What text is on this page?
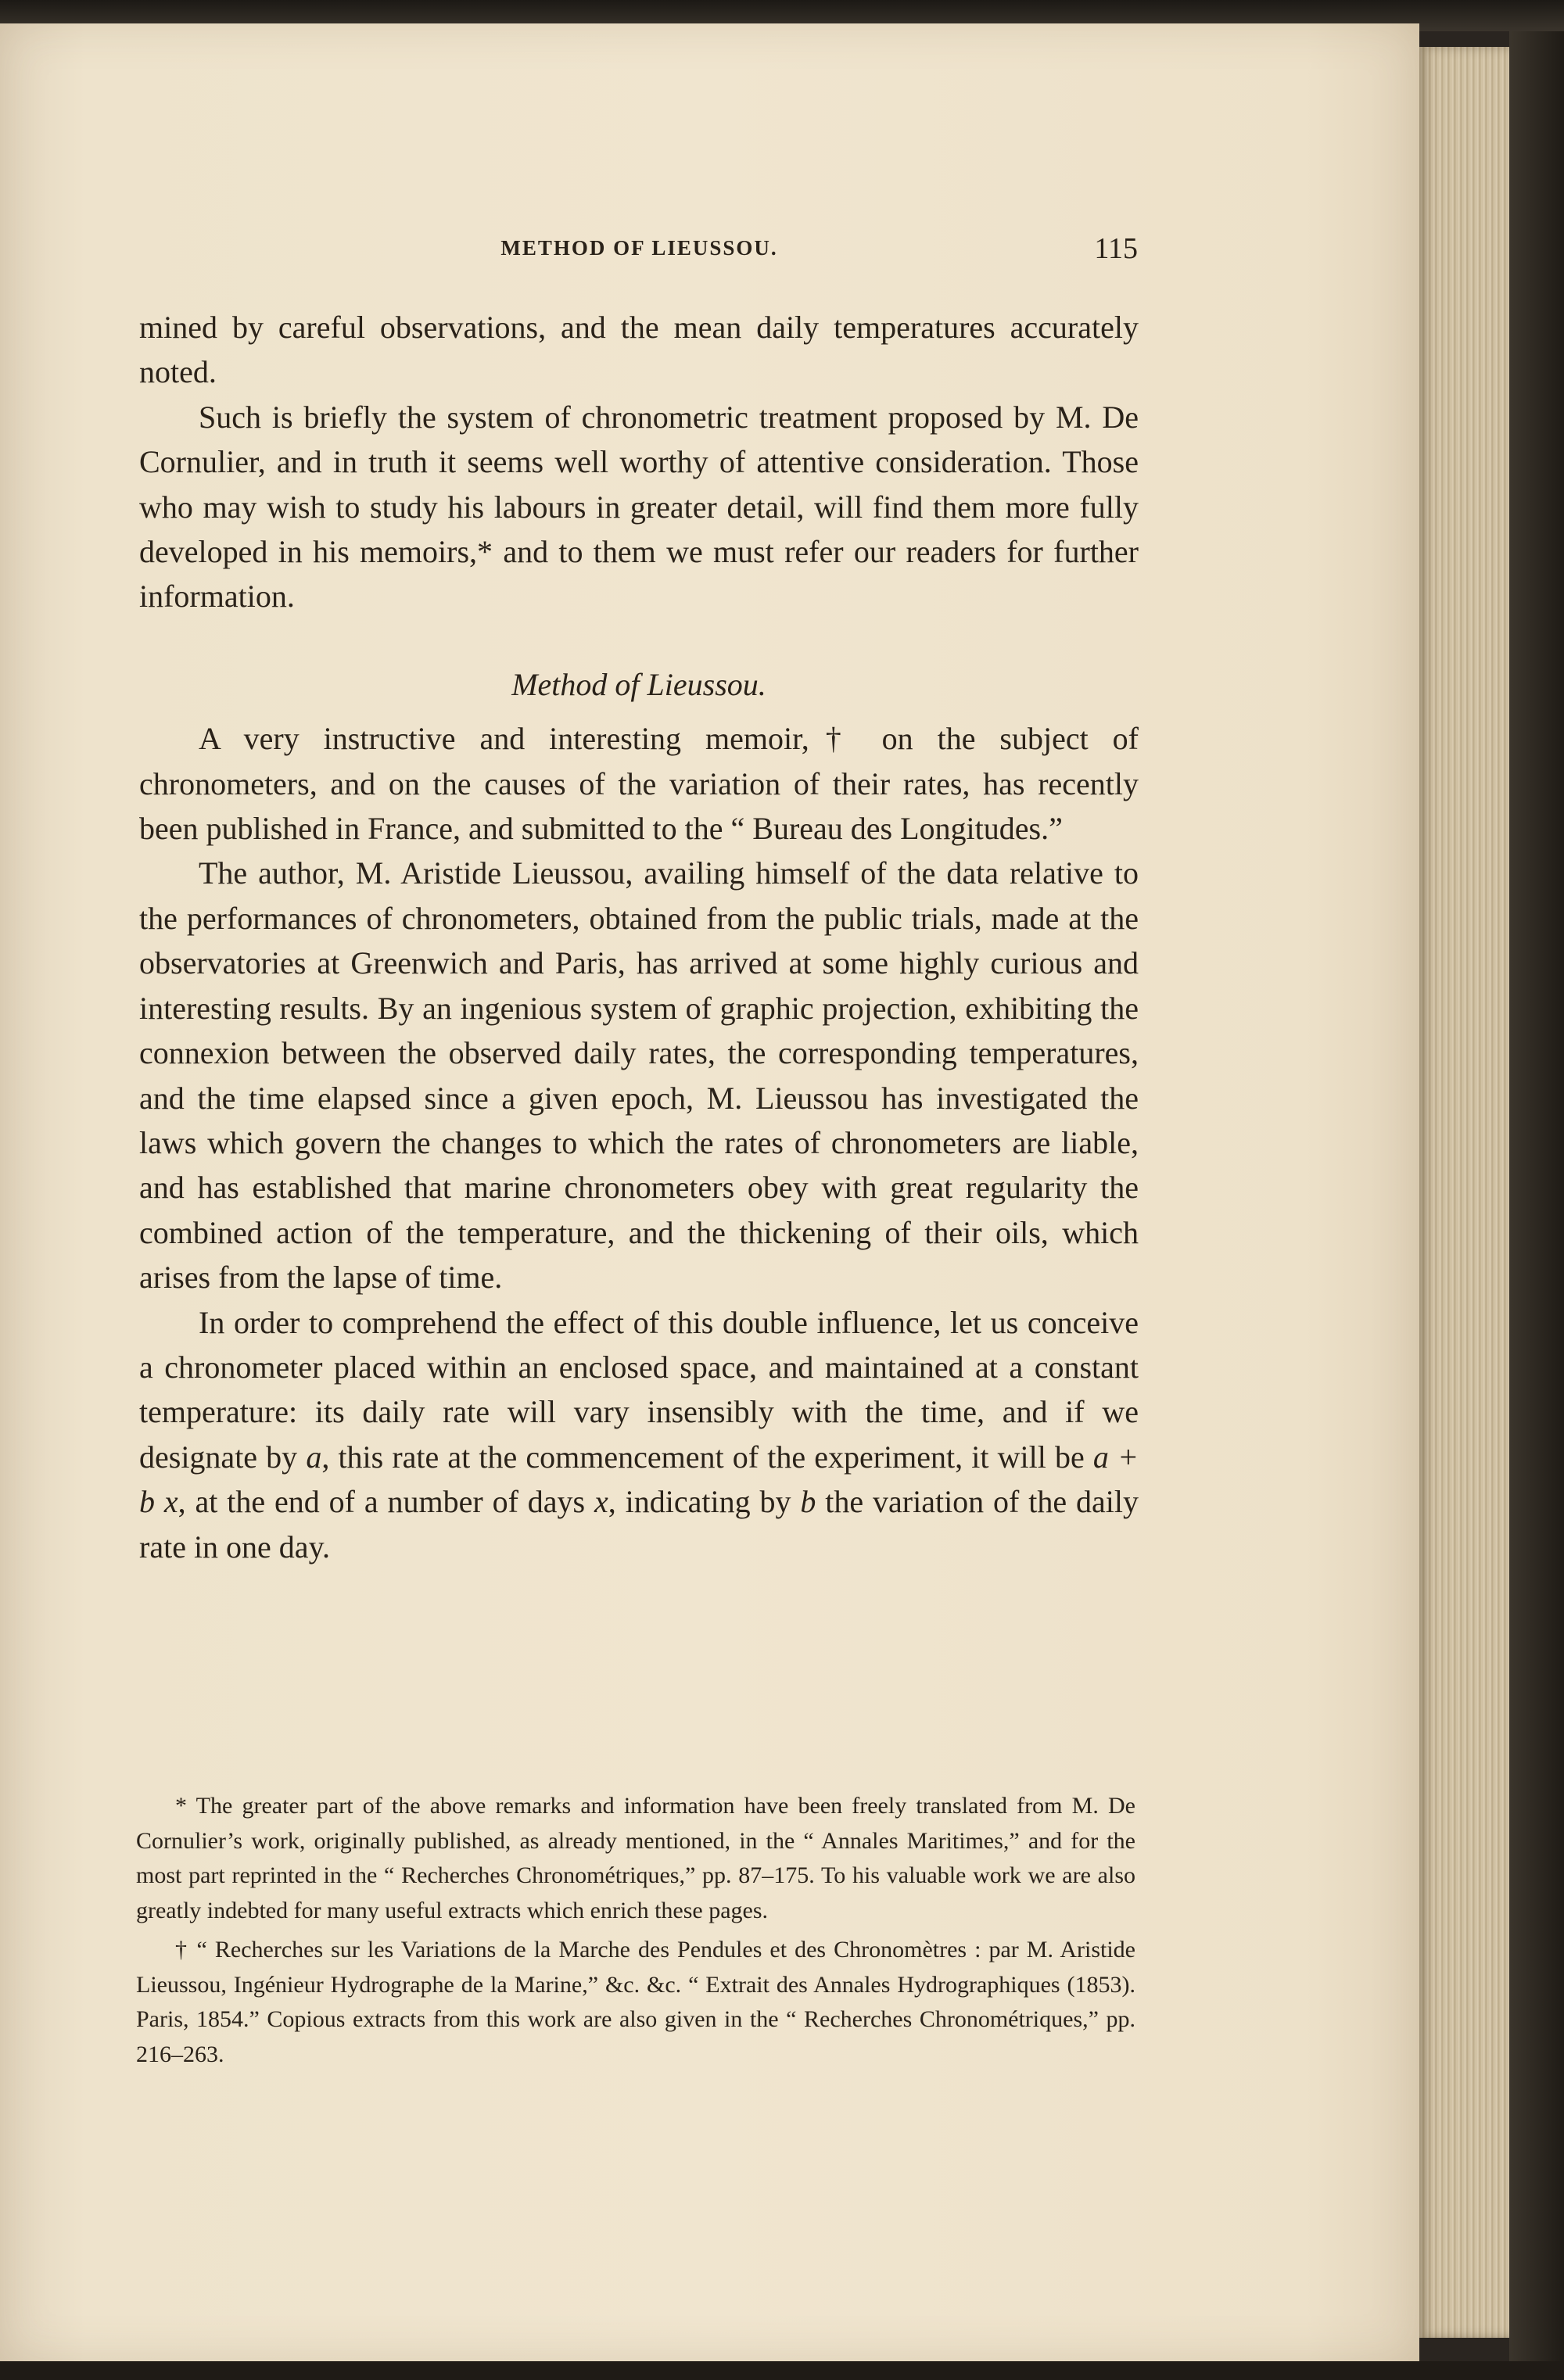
METHOD OF LIEUSSOU.	115

mined by careful observations, and the mean daily temperatures accurately noted.

Such is briefly the system of chronometric treatment proposed by M. De Cornulier, and in truth it seems well worthy of attentive consideration. Those who may wish to study his labours in greater detail, will find them more fully developed in his memoirs,* and to them we must refer our readers for further information.

Method of Lieussou.

A very instructive and interesting memoir,† on the subject of chronometers, and on the causes of the variation of their rates, has recently been published in France, and submitted to the “ Bureau des Longitudes.”

The author, M. Aristide Lieussou, availing himself of the data relative to the performances of chronometers, obtained from the public trials, made at the observatories at Greenwich and Paris, has arrived at some highly curious and interesting results. By an ingenious system of graphic projection, exhibiting the connexion between the observed daily rates, the corresponding temperatures, and the time elapsed since a given epoch, M. Lieussou has investigated the laws which govern the changes to which the rates of chronometers are liable, and has established that marine chronometers obey with great regularity the combined action of the temperature, and the thickening of their oils, which arises from the lapse of time.

In order to comprehend the effect of this double influence, let us conceive a chronometer placed within an enclosed space, and maintained at a constant temperature: its daily rate will vary insensibly with the time, and if we designate by a, this rate at the commencement of the experiment, it will be a + b x, at the end of a number of days x, indicating by b the variation of the daily rate in one day.

* The greater part of the above remarks and information have been freely translated from M. De Cornulier’s work, originally published, as already mentioned, in the “ Annales Maritimes,” and for the most part reprinted in the “ Recherches Chronométriques,” pp. 87–175. To his valuable work we are also greatly indebted for many useful extracts which enrich these pages.

† “ Recherches sur les Variations de la Marche des Pendules et des Chronomètres : par M. Aristide Lieussou, Ingénieur Hydrographe de la Marine,” &c. &c. “ Extrait des Annales Hydrographiques (1853). Paris, 1854.” Copious extracts from this work are also given in the “ Recherches Chronométriques,” pp. 216–263.
